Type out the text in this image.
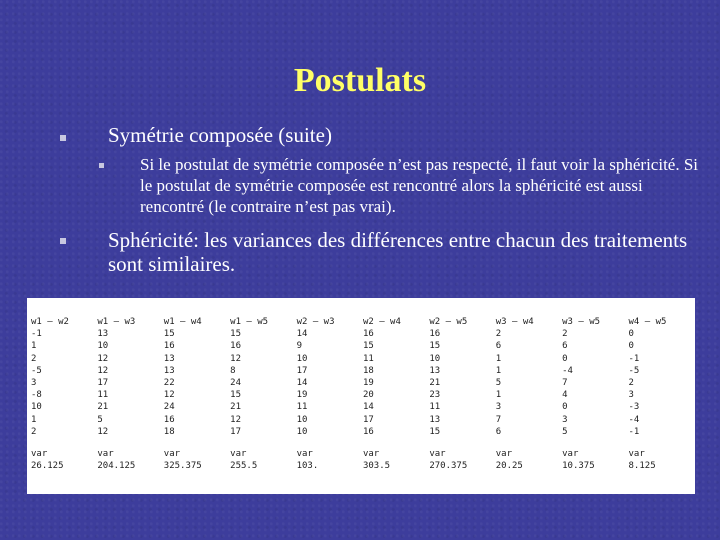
Postulats
Symétrie composée (suite)
Si le postulat de symétrie composée n’est pas respecté, il faut voir la sphéricité. Si le postulat de symétrie composée est rencontré alors la sphéricité est aussi rencontré (le contraire n’est pas vrai).
Sphéricité: les variances des différences entre chacun des traitements sont similaires.
w1 – w2	w1 – w3	w1 – w4	w1 – w5	w2 – w3	w2 – w4	w2 – w5	w3 – w4	w3 – w5	w4 – w5
-1	13	15	15	14	16	16	2	2	0
1	10	16	16	9	15	15	6	6	0
2	12	13	12	10	11	10	1	0	-1
-5	12	13	8	17	18	13	1	-4	-5
3	17	22	24	14	19	21	5	7	2
-8	11	12	15	19	20	23	1	4	3
10	21	24	21	11	14	11	3	0	-3
1	5	16	12	10	17	13	7	3	-4
2	12	18	17	10	16	15	6	5	-1

var	var	var	var	var	var	var	var	var	var
26.125	204.125	325.375	255.5	103.	303.5	270.375	20.25	10.375	8.125
